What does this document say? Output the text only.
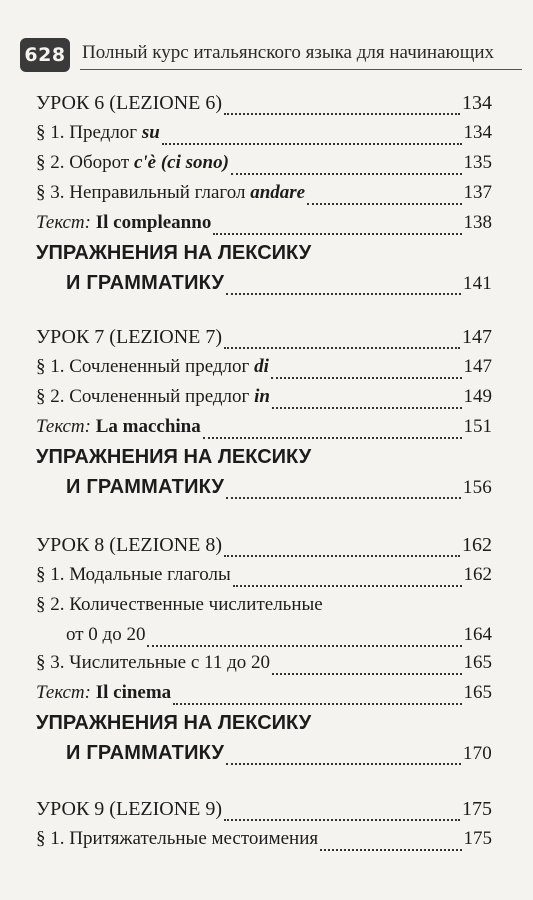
628 Полный курс итальянского языка для начинающих
УРОК 6 (LEZIONE 6)	134
§ 1. Предлог su	134
§ 2. Оборот c'è (ci sono)	135
§ 3. Неправильный глагол andare	137
Текст: Il compleanno	138
УПРАЖНЕНИЯ НА ЛЕКСИКУ
И ГРАММАТИКУ	141
УРОК 7 (LEZIONE 7)	147
§ 1. Сочлененный предлог di	147
§ 2. Сочлененный предлог in	149
Текст: La macchina	151
УПРАЖНЕНИЯ НА ЛЕКСИКУ
И ГРАММАТИКУ	156
УРОК 8 (LEZIONE 8)	162
§ 1. Модальные глаголы	162
§ 2. Количественные числительные
от 0 до 20	164
§ 3. Числительные с 11 до 20	165
Текст: Il cinema	165
УПРАЖНЕНИЯ НА ЛЕКСИКУ
И ГРАММАТИКУ	170
УРОК 9 (LEZIONE 9)	175
§ 1. Притяжательные местоимения	175
